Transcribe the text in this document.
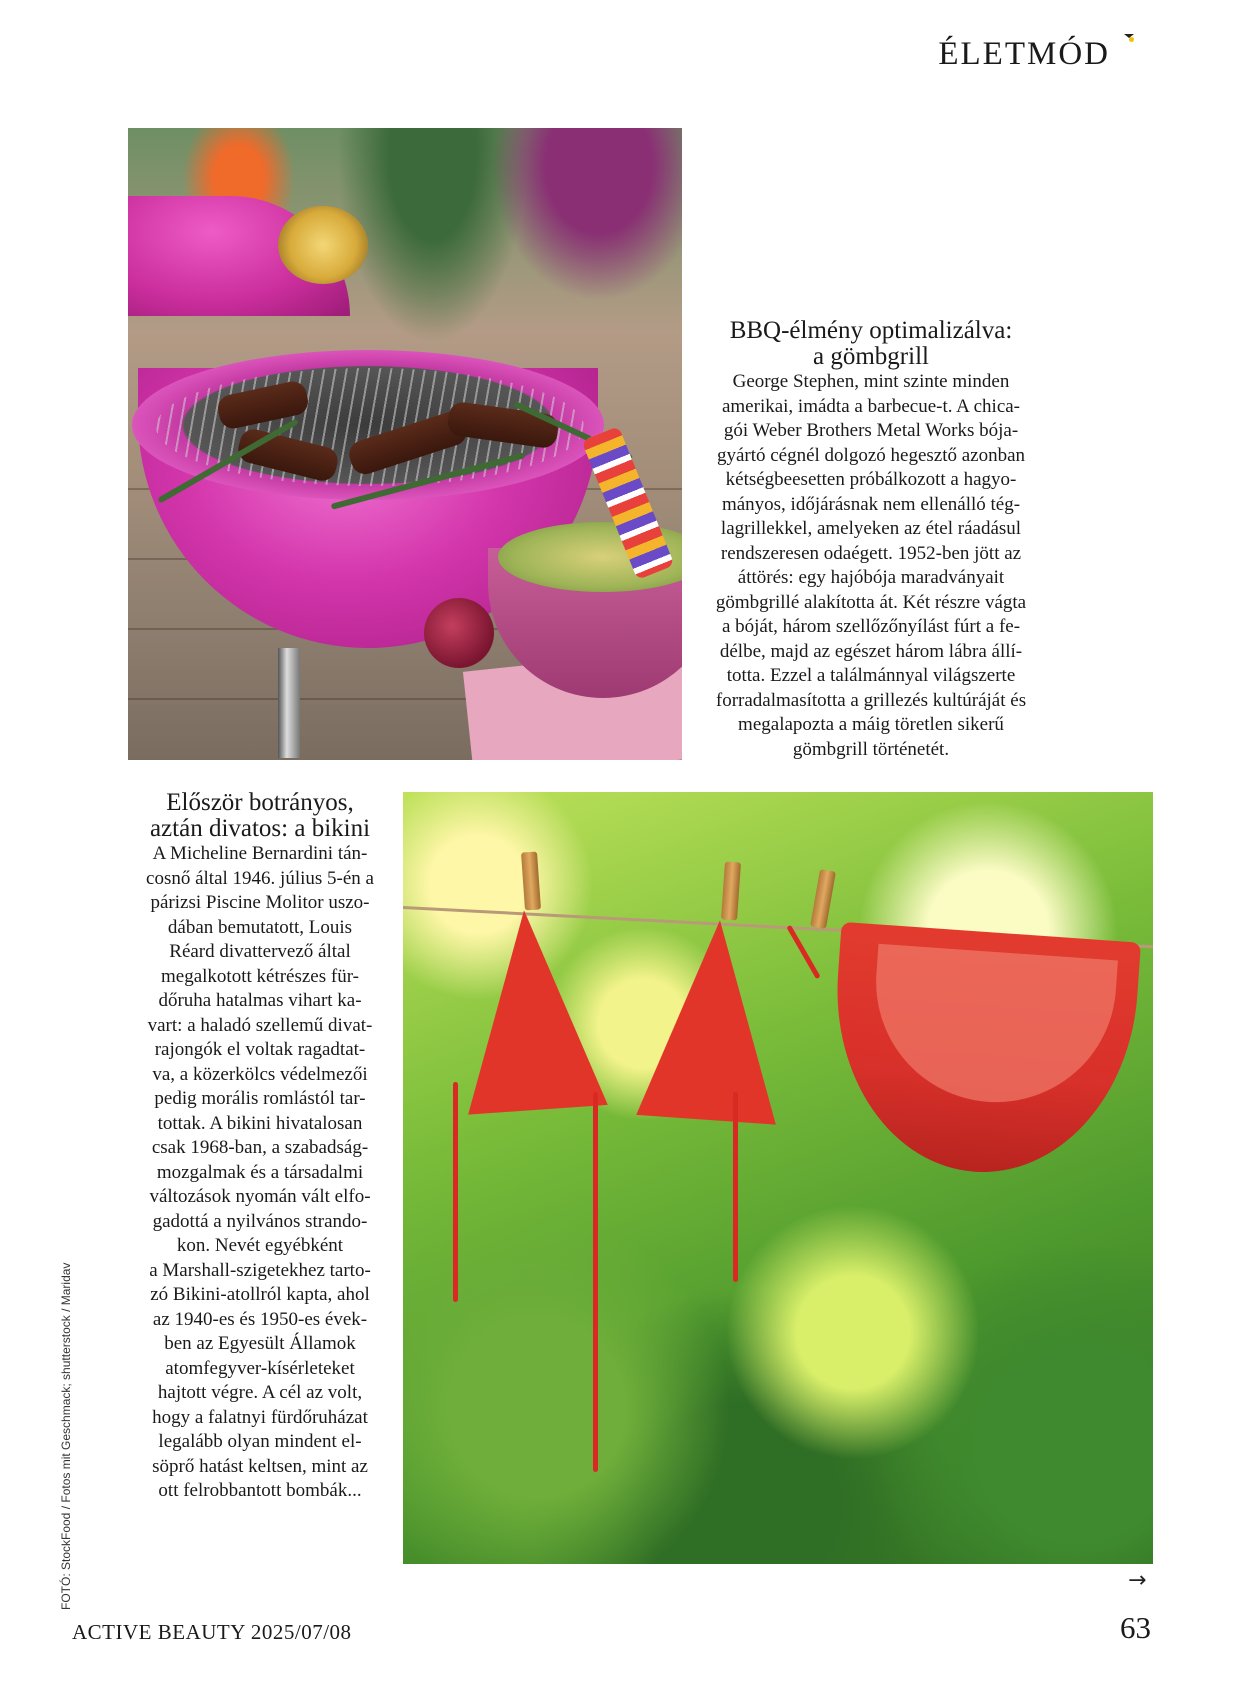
ÉLETMÓD
BBQ-élmény optimalizálva:
a gömbgrill

George Stephen, mint szinte minden
amerikai, imádta a barbecue-t. A chica-
gói Weber Brothers Metal Works bója-
gyártó cégnél dolgozó hegesztő azonban
kétségbeesetten próbálkozott a hagyo-
mányos, időjárásnak nem ellenálló tég-
lagrillekkel, amelyeken az étel ráadásul
rendszeresen odaégett. 1952-ben jött az
áttörés: egy hajóbója maradványait
gömbgrillé alakította át. Két részre vágta
a bóját, három szellőzőnyílást fúrt a fe-
délbe, majd az egészet három lábra állí-
totta. Ezzel a találmánnyal világszerte
forradalmasította a grillezés kultúráját és
megalapozta a máig töretlen sikerű
gömbgrill történetét.

Először botrányos,
aztán divatos: a bikini

A Micheline Bernardini tán-
cosnő által 1946. július 5-én a
párizsi Piscine Molitor uszo-
dában bemutatott, Louis
Réard divattervező által
megalkotott kétrészes für-
dőruha hatalmas vihart ka-
vart: a haladó szellemű divat-
rajongók el voltak ragadtat-
va, a közerkölcs védelmezői
pedig morális romlástól tar-
tottak. A bikini hivatalosan
csak 1968-ban, a szabadság-
mozgalmak és a társadalmi
változások nyomán vált elfo-
gadottá a nyilvános strando-
kon. Nevét egyébként
a Marshall-szigetekhez tarto-
zó Bikini-atollról kapta, ahol
az 1940-es és 1950-es évek-
ben az Egyesült Államok
atomfegyver-kísérleteket
hajtott végre. A cél az volt,
hogy a falatnyi fürdőruházat
legalább olyan mindent el-
söprő hatást keltsen, mint az
ott felrobbantott bombák...

FOTÓ: StockFood / Fotos mit Geschmack; shutterstock / Maridav	→
ACTIVE BEAUTY 2025/07/08	63
